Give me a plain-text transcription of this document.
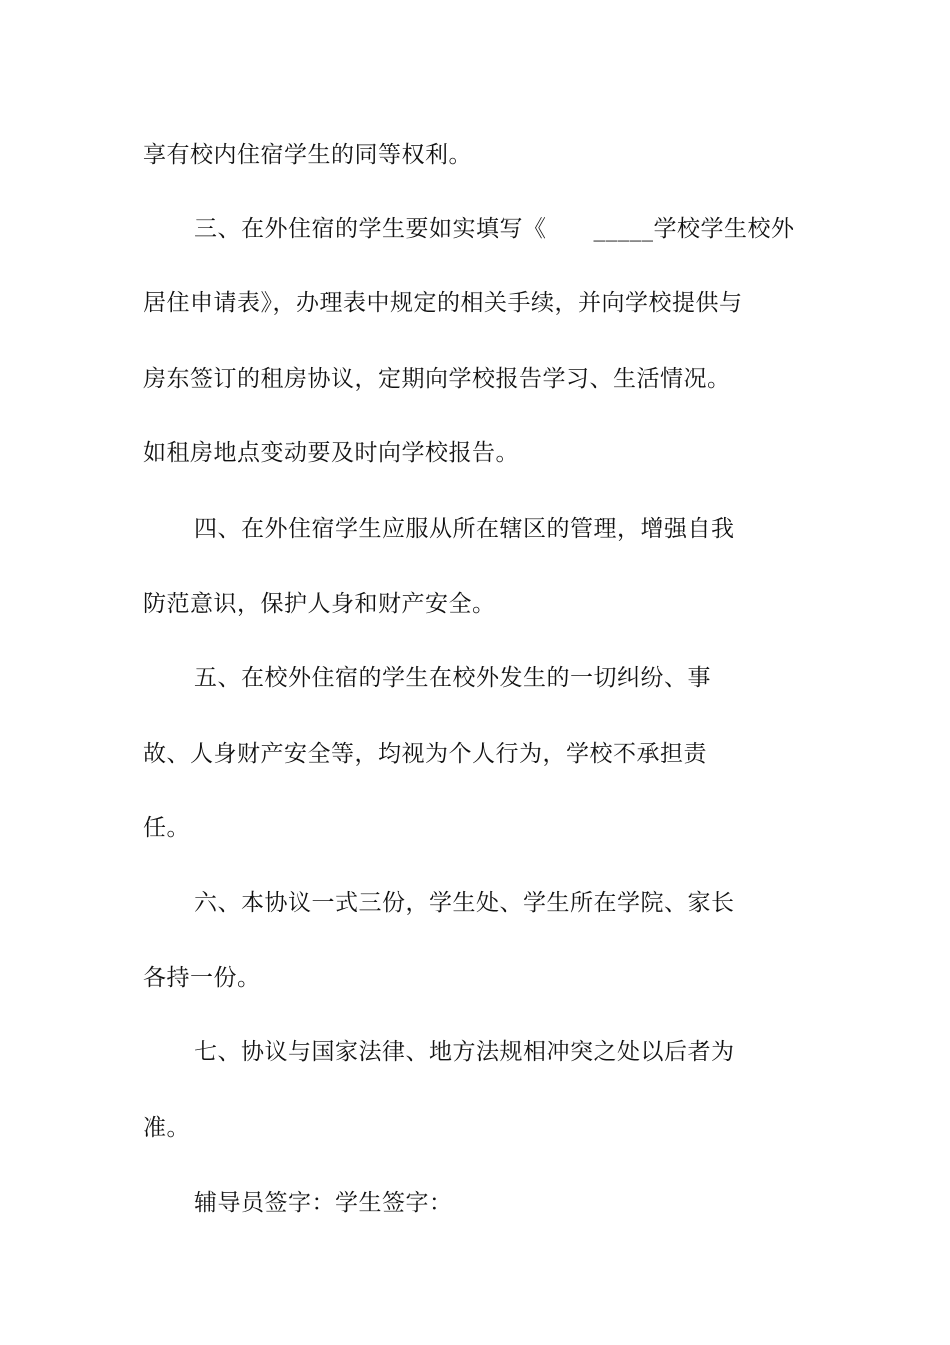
享有校内住宿学生的同等权利。
三、在外住宿的学生要如实填写《　　_____学校学生校外
居住申请表》，办理表中规定的相关手续，并向学校提供与
房东签订的租房协议，定期向学校报告学习、生活情况。
如租房地点变动要及时向学校报告。
四、在外住宿学生应服从所在辖区的管理，增强自我
防范意识，保护人身和财产安全。
五、在校外住宿的学生在校外发生的一切纠纷、事
故、人身财产安全等，均视为个人行为，学校不承担责
任。
六、本协议一式三份，学生处、学生所在学院、家长
各持一份。
七、协议与国家法律、地方法规相冲突之处以后者为
准。
辅导员签字：学生签字：
